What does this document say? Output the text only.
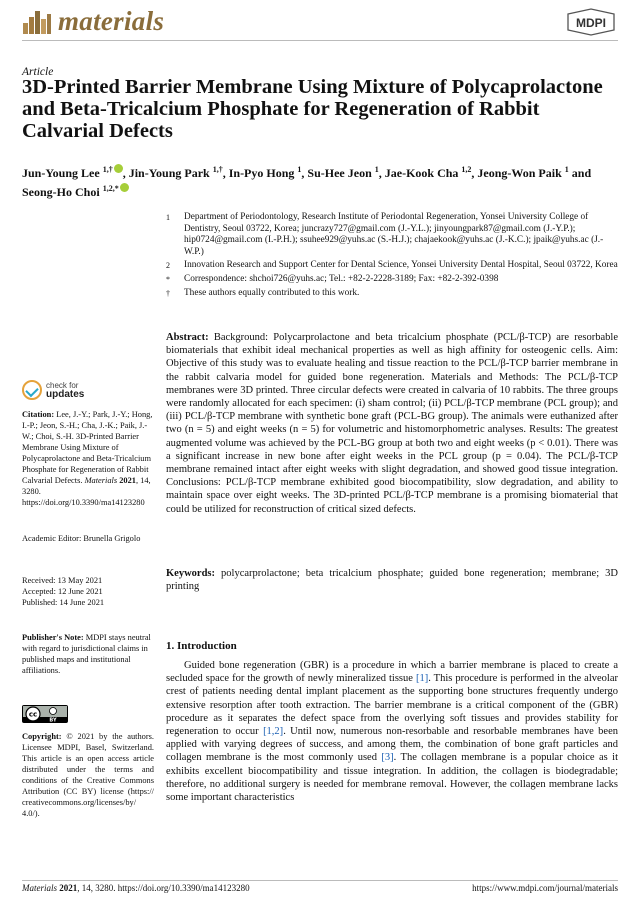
materials	MDPI
Article
3D-Printed Barrier Membrane Using Mixture of Polycaprolactone and Beta-Tricalcium Phosphate for Regeneration of Rabbit Calvarial Defects
Jun-Young Lee $^{1,\dagger}$ , Jin-Young Park $^{1,\dagger}$, In-Pyo Hong $^1$, Su-Hee Jeon $^1$, Jae-Kook Cha $^{1,2}$, Jeong-Won Paik $^1$ and Seong-Ho Choi $^{1,2,*}$
1 Department of Periodontology, Research Institute of Periodontal Regeneration, Yonsei University College of Dentistry, Seoul 03722, Korea; juncrazy727@gmail.com (J.-Y.L.); jinyoungpark87@gmail.com (J.-Y.P.); hip0724@gmail.com (I.-P.H.); ssuhee929@yuhs.ac (S.-H.J.); chajaekook@yuhs.ac (J.-K.C.); jpaik@yuhs.ac (J.-W.P.)
2 Innovation Research and Support Center for Dental Science, Yonsei University Dental Hospital, Seoul 03722, Korea
* Correspondence: shchoi726@yuhs.ac; Tel.: +82-2-2228-3189; Fax: +82-2-392-0398
† These authors equally contributed to this work.
check for
updates
Citation: Lee, J.-Y.; Park, J.-Y.; Hong, I.-P.; Jeon, S.-H.; Cha, J.-K.; Paik, J.-W.; Choi, S.-H. 3D-Printed Barrier Membrane Using Mixture of Polycaprolactone and Beta-Tricalcium Phosphate for Regeneration of Rabbit Calvarial Defects. Materials 2021, 14, 3280. https://doi.org/10.3390/ma14123280
Academic Editor: Brunella Grigolo
Received: 13 May 2021
Accepted: 12 June 2021
Published: 14 June 2021
Publisher's Note: MDPI stays neutral with regard to jurisdictional claims in published maps and institutional affiliations.
cc
BY
Copyright: © 2021 by the authors. Licensee MDPI, Basel, Switzerland. This article is an open access article distributed under the terms and conditions of the Creative Commons Attribution (CC BY) license (https:// creativecommons.org/licenses/by/ 4.0/).
Abstract: Background: Polycarprolactone and beta tricalcium phosphate (PCL/β-TCP) are resorbable biomaterials that exhibit ideal mechanical properties as well as high affinity for osteogenic cells. Aim: Objective of this study was to evaluate healing and tissue reaction to the PCL/β-TCP barrier membrane in the rabbit calvaria model for guided bone regeneration. Materials and Methods: The PCL/β-TCP membranes were 3D printed. Three circular defects were created in calvaria of 10 rabbits. The three groups were randomly allocated for each specimen: (i) sham control; (ii) PCL/β-TCP membrane (PCL group); and (iii) PCL/β-TCP membrane with synthetic bone graft (PCL-BG group). The animals were euthanized after two (n = 5) and eight weeks (n = 5) for volumetric and histomorphometric analyses. Results: The greatest augmented volume was achieved by the PCL-BG group at both two and eight weeks (p < 0.01). There was a significant increase in new bone after eight weeks in the PCL group (p = 0.04). The PCL/β-TCP membrane remained intact after eight weeks with slight degradation, and showed good tissue integration. Conclusions: PCL/β-TCP membrane exhibited good biocompatibility, slow degradation, and ability to maintain space over eight weeks. The 3D-printed PCL/β-TCP membrane is a promising biomaterial that could be utilized for reconstruction of critical sized defects.
Keywords: polycarprolactone; beta tricalcium phosphate; guided bone regeneration; membrane; 3D printing
1. Introduction
Guided bone regeneration (GBR) is a procedure in which a barrier membrane is placed to create a secluded space for the growth of newly mineralized tissue [1]. This procedure is performed in the alveolar crest of patients needing dental implant placement as the supporting bone structures frequently undergo extensive resorption after tooth extraction. The barrier membrane is a critical component of the (GBR) procedure as it separates the defect space from the overlying soft tissues and provides stability for regeneration to occur [1,2]. Until now, numerous non-resorbable and resorbable membranes have been applied with varying degrees of success, and among them, the combination of bone graft particles and collagen membrane is the most commonly used [3]. The collagen membrane is a popular choice as it exhibits excellent biocompatibility and tissue integration. In addition, the collagen is biodegradable; therefore, no additional surgery is needed for membrane removal. However, the collagen membrane lacks some important characteristics
Materials 2021, 14, 3280. https://doi.org/10.3390/ma14123280	https://www.mdpi.com/journal/materials
